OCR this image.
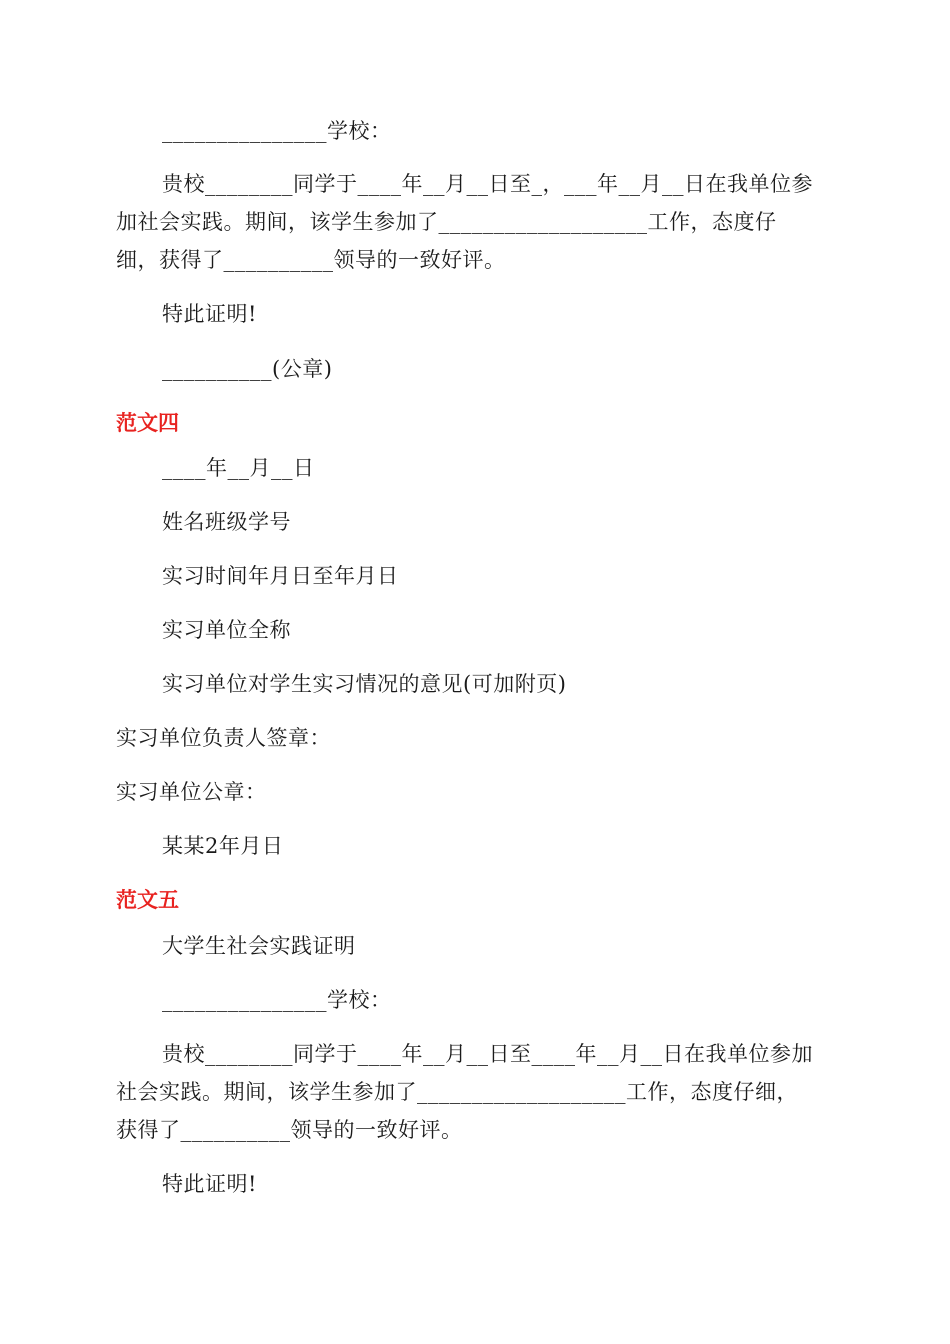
_______________学校：
贵校________同学于____年__月__日至_，___年__月__日在我单位参
加社会实践。期间，该学生参加了___________________工作，态度仔
细，获得了__________领导的一致好评。
特此证明!
__________(公章)
范文四
____年__月__日
姓名班级学号
实习时间年月日至年月日
实习单位全称
实习单位对学生实习情况的意见(可加附页)
实习单位负责人签章：
实习单位公章：
某某2年月日
范文五
大学生社会实践证明
_______________学校：
贵校________同学于____年__月__日至____年__月__日在我单位参加
社会实践。期间，该学生参加了___________________工作，态度仔细，
获得了__________领导的一致好评。
特此证明!
